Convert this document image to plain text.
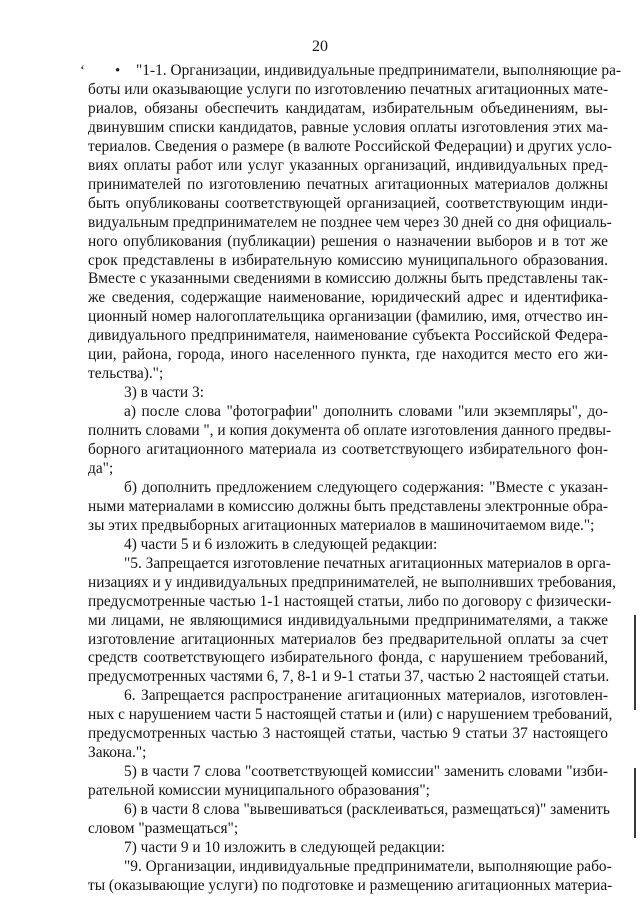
20
‘ • "1-1. Организации, индивидуальные предприниматели, выполняющие ра-
боты или оказывающие услуги по изготовлению печатных агитационных мате-
риалов, обязаны обеспечить кандидатам, избирательным объединениям, вы-
двинувшим списки кандидатов, равные условия оплаты изготовления этих ма-
териалов. Сведения о размере (в валюте Российской Федерации) и других усло-
виях оплаты работ или услуг указанных организаций, индивидуальных пред-
принимателей по изготовлению печатных агитационных материалов должны
быть опубликованы соответствующей организацией, соответствующим инди-
видуальным предпринимателем не позднее чем через 30 дней со дня официаль-
ного опубликования (публикации) решения о назначении выборов и в тот же
срок представлены в избирательную комиссию муниципального образования.
Вместе с указанными сведениями в комиссию должны быть представлены так-
же сведения, содержащие наименование, юридический адрес и идентифика-
ционный номер налогоплательщика организации (фамилию, имя, отчество ин-
дивидуального предпринимателя, наименование субъекта Российской Федера-
ции, района, города, иного населенного пункта, где находится место его жи-
тельства).";
3) в части 3:
а) после слова "фотографии" дополнить словами "или экземпляры", до-
полнить словами ", и копия документа об оплате изготовления данного предвы-
борного агитационного материала из соответствующего избирательного фон-
да";
б) дополнить предложением следующего содержания: "Вместе с указан-
ными материалами в комиссию должны быть представлены электронные обра-
зы этих предвыборных агитационных материалов в машиночитаемом виде.";
4) части 5 и 6 изложить в следующей редакции:
"5. Запрещается изготовление печатных агитационных материалов в орга-
низациях и у индивидуальных предпринимателей, не выполнивших требования,
предусмотренные частью 1-1 настоящей статьи, либо по договору с физически-
ми лицами, не являющимися индивидуальными предпринимателями, а также
изготовление агитационных материалов без предварительной оплаты за счет
средств соответствующего избирательного фонда, с нарушением требований,
предусмотренных частями 6, 7, 8-1 и 9-1 статьи 37, частью 2 настоящей статьи.
6. Запрещается распространение агитационных материалов, изготовлен-
ных с нарушением части 5 настоящей статьи и (или) с нарушением требований,
предусмотренных частью 3 настоящей статьи, частью 9 статьи 37 настоящего
Закона.";
5) в части 7 слова "соответствующей комиссии" заменить словами "изби-
рательной комиссии муниципального образования";
6) в части 8 слова "вывешиваться (расклеиваться, размещаться)" заменить
словом "размещаться";
7) части 9 и 10 изложить в следующей редакции:
"9. Организации, индивидуальные предприниматели, выполняющие рабо-
ты (оказывающие услуги) по подготовке и размещению агитационных материа-
